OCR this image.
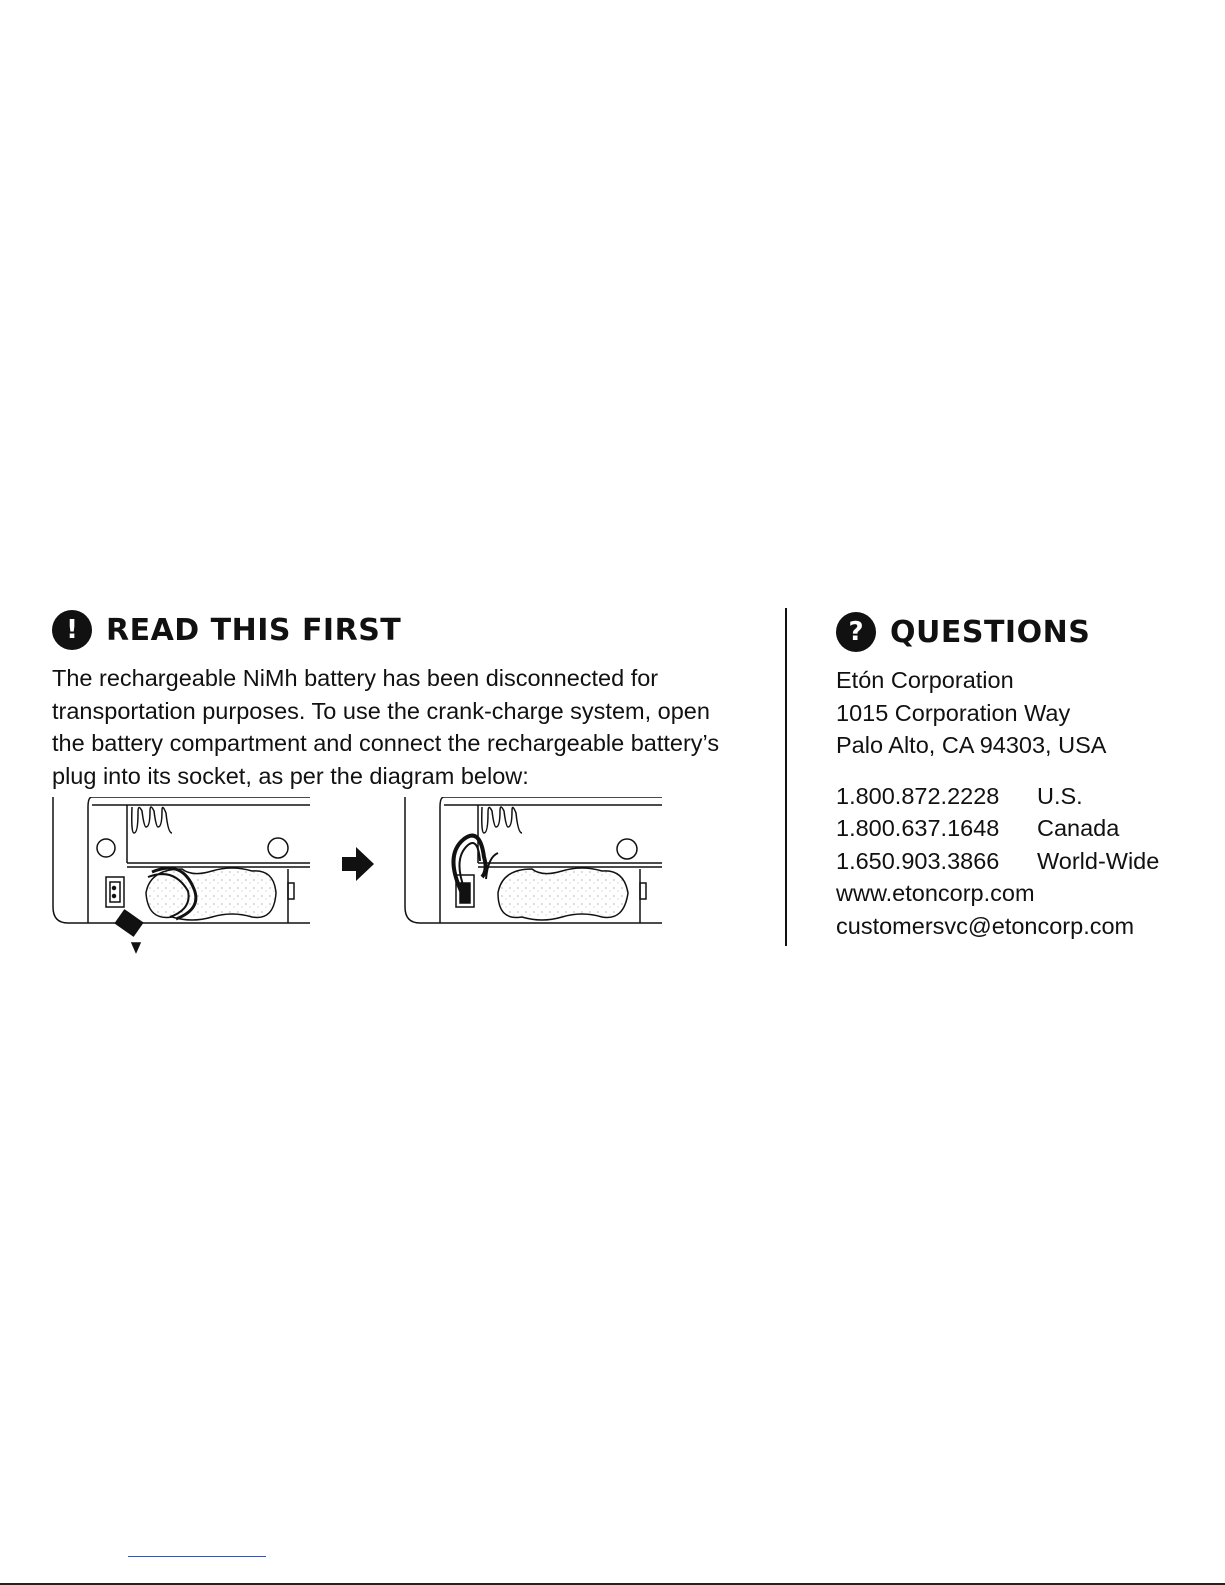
! READ THIS FIRST
The rechargeable NiMh battery has been disconnected for transportation purposes. To use the crank-charge system, open the battery compartment and connect the rechargeable battery’s plug into its socket, as per the diagram below:
? QUESTIONS
Etón Corporation
1015 Corporation Way
Palo Alto, CA 94303, USA
1.800.872.2228	U.S.
1.800.637.1648	Canada
1.650.903.3866	World-Wide
www.etoncorp.com
customersvc@etoncorp.com
